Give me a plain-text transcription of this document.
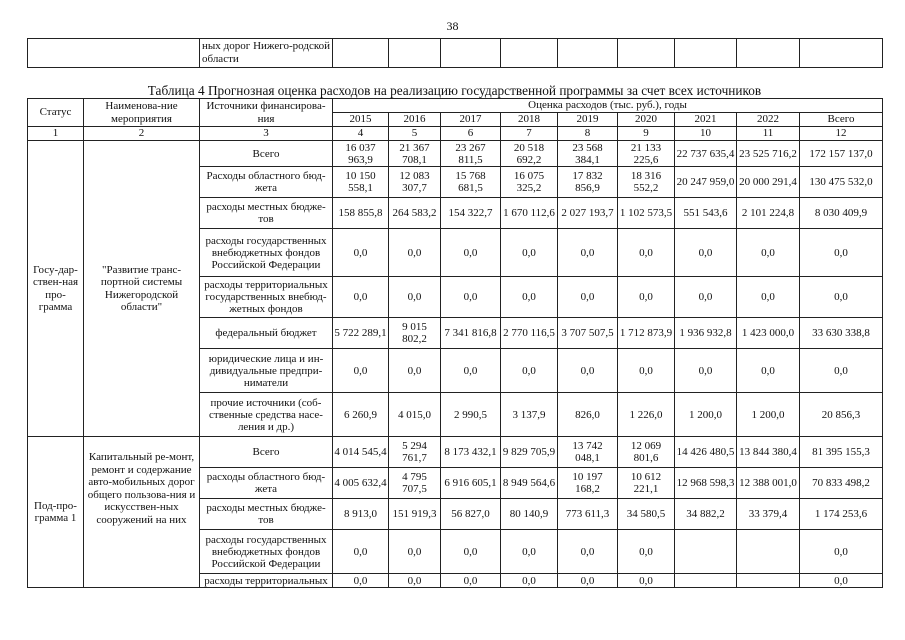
38
	ных дорог Нижего-родской области									
Таблица 4 Прогнозная оценка расходов на реализацию государственной программы за счет всех источников
Статус	Наименова-ние мероприятия	Источники финансирова-ния	Оценка расходов (тыс. руб.), годы								
			2015	2016	2017	2018	2019	2020	2021	2022	Всего
1	2	3	4	5	6	7	8	9	10	11	12
Госу-дар-ствен-ная про-грамма	"Развитие транс-портной системы Нижегородской области"	Всего	16 037 963,9	21 367 708,1	23 267 811,5	20 518 692,2	23 568 384,1	21 133 225,6	22 737 635,4	23 525 716,2	172 157 137,0
		Расходы областного бюд-жета	10 150 558,1	12 083 307,7	15 768 681,5	16 075 325,2	17 832 856,9	18 316 552,2	20 247 959,0	20 000 291,4	130 475 532,0
		расходы местных бюдже-тов	158 855,8	264 583,2	154 322,7	1 670 112,6	2 027 193,7	1 102 573,5	551 543,6	2 101 224,8	8 030 409,9
		расходы государственных внебюджетных фондов Российской Федерации	0,0	0,0	0,0	0,0	0,0	0,0	0,0	0,0	0,0
		расходы территориальных государственных внебюд-жетных фондов	0,0	0,0	0,0	0,0	0,0	0,0	0,0	0,0	0,0
		федеральный бюджет	5 722 289,1	9 015 802,2	7 341 816,8	2 770 116,5	3 707 507,5	1 712 873,9	1 936 932,8	1 423 000,0	33 630 338,8
		юридические лица и ин-дивидуальные предпри-ниматели	0,0	0,0	0,0	0,0	0,0	0,0	0,0	0,0	0,0
		прочие источники (соб-ственные средства насе-ления и др.)	6 260,9	4 015,0	2 990,5	3 137,9	826,0	1 226,0	1 200,0	1 200,0	20 856,3
Под-про-грамма 1	Капитальный ре-монт, ремонт и содержание авто-мобильных дорог общего пользова-ния и искусствен-ных сооружений на них	Всего	4 014 545,4	5 294 761,7	8 173 432,1	9 829 705,9	13 742 048,1	12 069 801,6	14 426 480,5	13 844 380,4	81 395 155,3
		расходы областного бюд-жета	4 005 632,4	4 795 707,5	6 916 605,1	8 949 564,6	10 197 168,2	10 612 221,1	12 968 598,3	12 388 001,0	70 833 498,2
		расходы местных бюдже-тов	8 913,0	151 919,3	56 827,0	80 140,9	773 611,3	34 580,5	34 882,2	33 379,4	1 174 253,6
		расходы государственных внебюджетных фондов Российской Федерации	0,0	0,0	0,0	0,0	0,0	0,0			0,0
		расходы территориальных	0,0	0,0	0,0	0,0	0,0	0,0			0,0
